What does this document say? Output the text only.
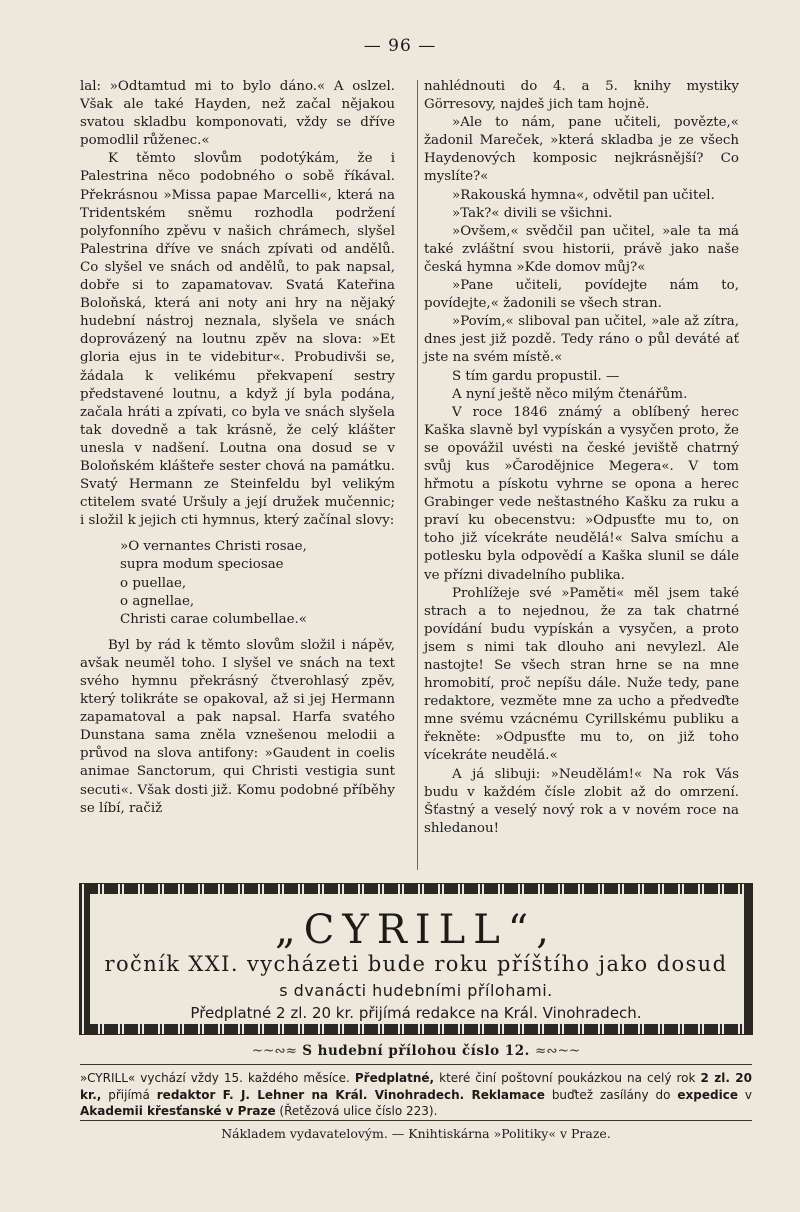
— 96 —

lal: »Odtamtud mi to bylo dáno.« A oslzel. Však ale také Hayden, než začal nějakou svatou skladbu komponovati, vždy se dříve pomodlil růženec.«

K těmto slovům podotýkám, že i Palestrina něco podobného o sobě říkával. Překrásnou »Missa papae Marcelli«, která na Tridentském sněmu rozhodla podržení polyfonního zpěvu v našich chrámech, slyšel Palestrina dříve ve snách zpívati od andělů. Co slyšel ve snách od andělů, to pak napsal, dobře si to zapamatovav. Svatá Kateřina Boloňská, která ani noty ani hry na nějaký hudební nástroj neznala, slyšela ve snách doprovázený na loutnu zpěv na slova: »Et gloria ejus in te videbitur«. Probudivši se, žádala k velikému překvapení sestry představené loutnu, a když jí byla podána, začala hráti a zpívati, co byla ve snách slyšela tak dovedně a tak krásně, že celý klášter unesla v nadšení. Loutna ona dosud se v Boloňském klášteře sester chová na památku. Svatý Hermann ze Steinfeldu byl velikým ctitelem svaté Uršuly a její družek mučennic; i složil k jejich cti hymnus, který začínal slovy:

»O vernantes Christi rosae,
supra modum speciosae
o puellae,
o agnellae,
Christi carae columbellae.«

Byl by rád k těmto slovům složil i nápěv, avšak neuměl toho. I slyšel ve snách na text svého hymnu překrásný čtverohlasý zpěv, který tolikráte se opakoval, až si jej Hermann zapamatoval a pak napsal. Harfa svatého Dunstana sama zněla vznešenou melodii a průvod na slova antifony: »Gaudent in coelis animae Sanctorum, qui Christi vestigia sunt secuti«. Však dosti již. Komu podobné příběhy se líbí, račiž

nahlédnouti do 4. a 5. knihy mystiky Görresovy, najdeš jich tam hojně.

»Ale to nám, pane učiteli, povězte,« žadonil Mareček, »která skladba je ze všech Haydenových komposic nejkrásnější? Co myslíte?«

»Rakouská hymna«, odvětil pan učitel.

»Tak?« divili se všichni.

»Ovšem,« svědčil pan učitel, »ale ta má také zvláštní svou historii, právě jako naše česká hymna »Kde domov můj?«

»Pane učiteli, povídejte nám to, povídejte,« žadonili se všech stran.

»Povím,« sliboval pan učitel, »ale až zítra, dnes jest již pozdě. Tedy ráno o půl deváté ať jste na svém místě.«

S tím gardu propustil. —

A nyní ještě něco milým čtenářům.

V roce 1846 známý a oblíbený herec Kaška slavně byl vypískán a vysyčen proto, že se opovážil uvésti na české jeviště chatrný svůj kus »Čarodějnice Megera«. V tom hřmotu a pískotu vyhrne se opona a herec Grabinger vede neštastného Kašku za ruku a praví ku obecenstvu: »Odpusťte mu to, on toho již vícekráte neudělá!« Salva smíchu a potlesku byla odpovědí a Kaška slunil se dále ve přízni divadelního publika.

Prohlížeje své »Paměti« měl jsem také strach a to nejednou, že za tak chatrné povídání budu vypískán a vysyčen, a proto jsem s nimi tak dlouho ani nevylezl. Ale nastojte! Se všech stran hrne se na mne hromobití, proč nepíšu dále. Nuže tedy, pane redaktore, vezměte mne za ucho a předveďte mne svému vzácnému Cyrillskému publiku a řekněte: »Odpusťte mu to, on již toho vícekráte neudělá.«

A já slibuji: »Neudělám!« Na rok Vás budu v každém čísle zlobit až do omrzení. Šťastný a veselý nový rok a v novém roce na shledanou!

„CYRILL“,
ročník XXI. vycházeti bude roku příštího jako dosud
s dvanácti hudebními přílohami.
Předplatné 2 zl. 20 kr. přijímá redakce na Král. Vinohradech.
~~∾≈ S hudební přílohou číslo 12. ≈∾~~
»CYRILL« vychází vždy 15. každého měsíce. Předplatné, které činí poštovní poukázkou na celý rok 2 zl. 20 kr., přijímá redaktor F. J. Lehner na Král. Vinohradech. Reklamace buďtež zasílány do expedice v Akademii křesťanské v Praze (Řetězová ulice číslo 223).
Nákladem vydavatelovým. — Knihtiskárna »Politiky« v Praze.
